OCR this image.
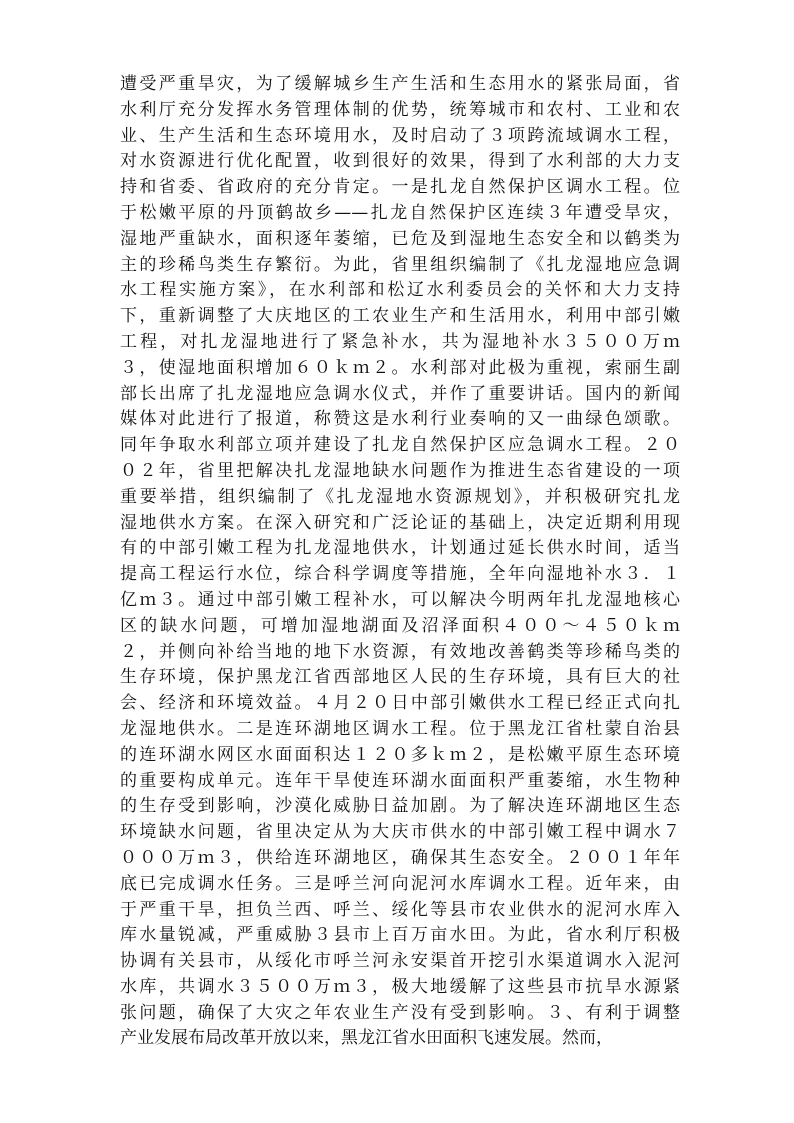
遭受严重旱灾，为了缓解城乡生产生活和生态用水的紧张局面，省
水利厅充分发挥水务管理体制的优势，统筹城市和农村、工业和农
业、生产生活和生态环境用水，及时启动了３项跨流域调水工程，
对水资源进行优化配置，收到很好的效果，得到了水利部的大力支
持和省委、省政府的充分肯定。一是扎龙自然保护区调水工程。位
于松嫩平原的丹顶鹤故乡——扎龙自然保护区连续３年遭受旱灾，
湿地严重缺水，面积逐年萎缩，已危及到湿地生态安全和以鹤类为
主的珍稀鸟类生存繁衍。为此，省里组织编制了《扎龙湿地应急调
水工程实施方案》，在水利部和松辽水利委员会的关怀和大力支持
下，重新调整了大庆地区的工农业生产和生活用水，利用中部引嫩
工程，对扎龙湿地进行了紧急补水，共为湿地补水３５００万ｍ
３，使湿地面积增加６０ｋｍ２。水利部对此极为重视，索丽生副
部长出席了扎龙湿地应急调水仪式，并作了重要讲话。国内的新闻
媒体对此进行了报道，称赞这是水利行业奏响的又一曲绿色颂歌。
同年争取水利部立项并建设了扎龙自然保护区应急调水工程。２０
０２年，省里把解决扎龙湿地缺水问题作为推进生态省建设的一项
重要举措，组织编制了《扎龙湿地水资源规划》，并积极研究扎龙
湿地供水方案。在深入研究和广泛论证的基础上，决定近期利用现
有的中部引嫩工程为扎龙湿地供水，计划通过延长供水时间，适当
提高工程运行水位，综合科学调度等措施，全年向湿地补水３．１
亿ｍ３。通过中部引嫩工程补水，可以解决今明两年扎龙湿地核心
区的缺水问题，可增加湿地湖面及沼泽面积４００～４５０ｋｍ
２，并侧向补给当地的地下水资源，有效地改善鹤类等珍稀鸟类的
生存环境，保护黑龙江省西部地区人民的生存环境，具有巨大的社
会、经济和环境效益。４月２０日中部引嫩供水工程已经正式向扎
龙湿地供水。二是连环湖地区调水工程。位于黑龙江省杜蒙自治县
的连环湖水网区水面面积达１２０多ｋｍ２，是松嫩平原生态环境
的重要构成单元。连年干旱使连环湖水面面积严重萎缩，水生物种
的生存受到影响，沙漠化威胁日益加剧。为了解决连环湖地区生态
环境缺水问题，省里决定从为大庆市供水的中部引嫩工程中调水７
０００万ｍ３，供给连环湖地区，确保其生态安全。２００１年年
底已完成调水任务。三是呼兰河向泥河水库调水工程。近年来，由
于严重干旱，担负兰西、呼兰、绥化等县市农业供水的泥河水库入
库水量锐减，严重威胁３县市上百万亩水田。为此，省水利厅积极
协调有关县市，从绥化市呼兰河永安渠首开挖引水渠道调水入泥河
水库，共调水３５００万ｍ３，极大地缓解了这些县市抗旱水源紧
张问题，确保了大灾之年农业生产没有受到影响。３、有利于调整
产业发展布局改革开放以来，黑龙江省水田面积飞速发展。然而，
